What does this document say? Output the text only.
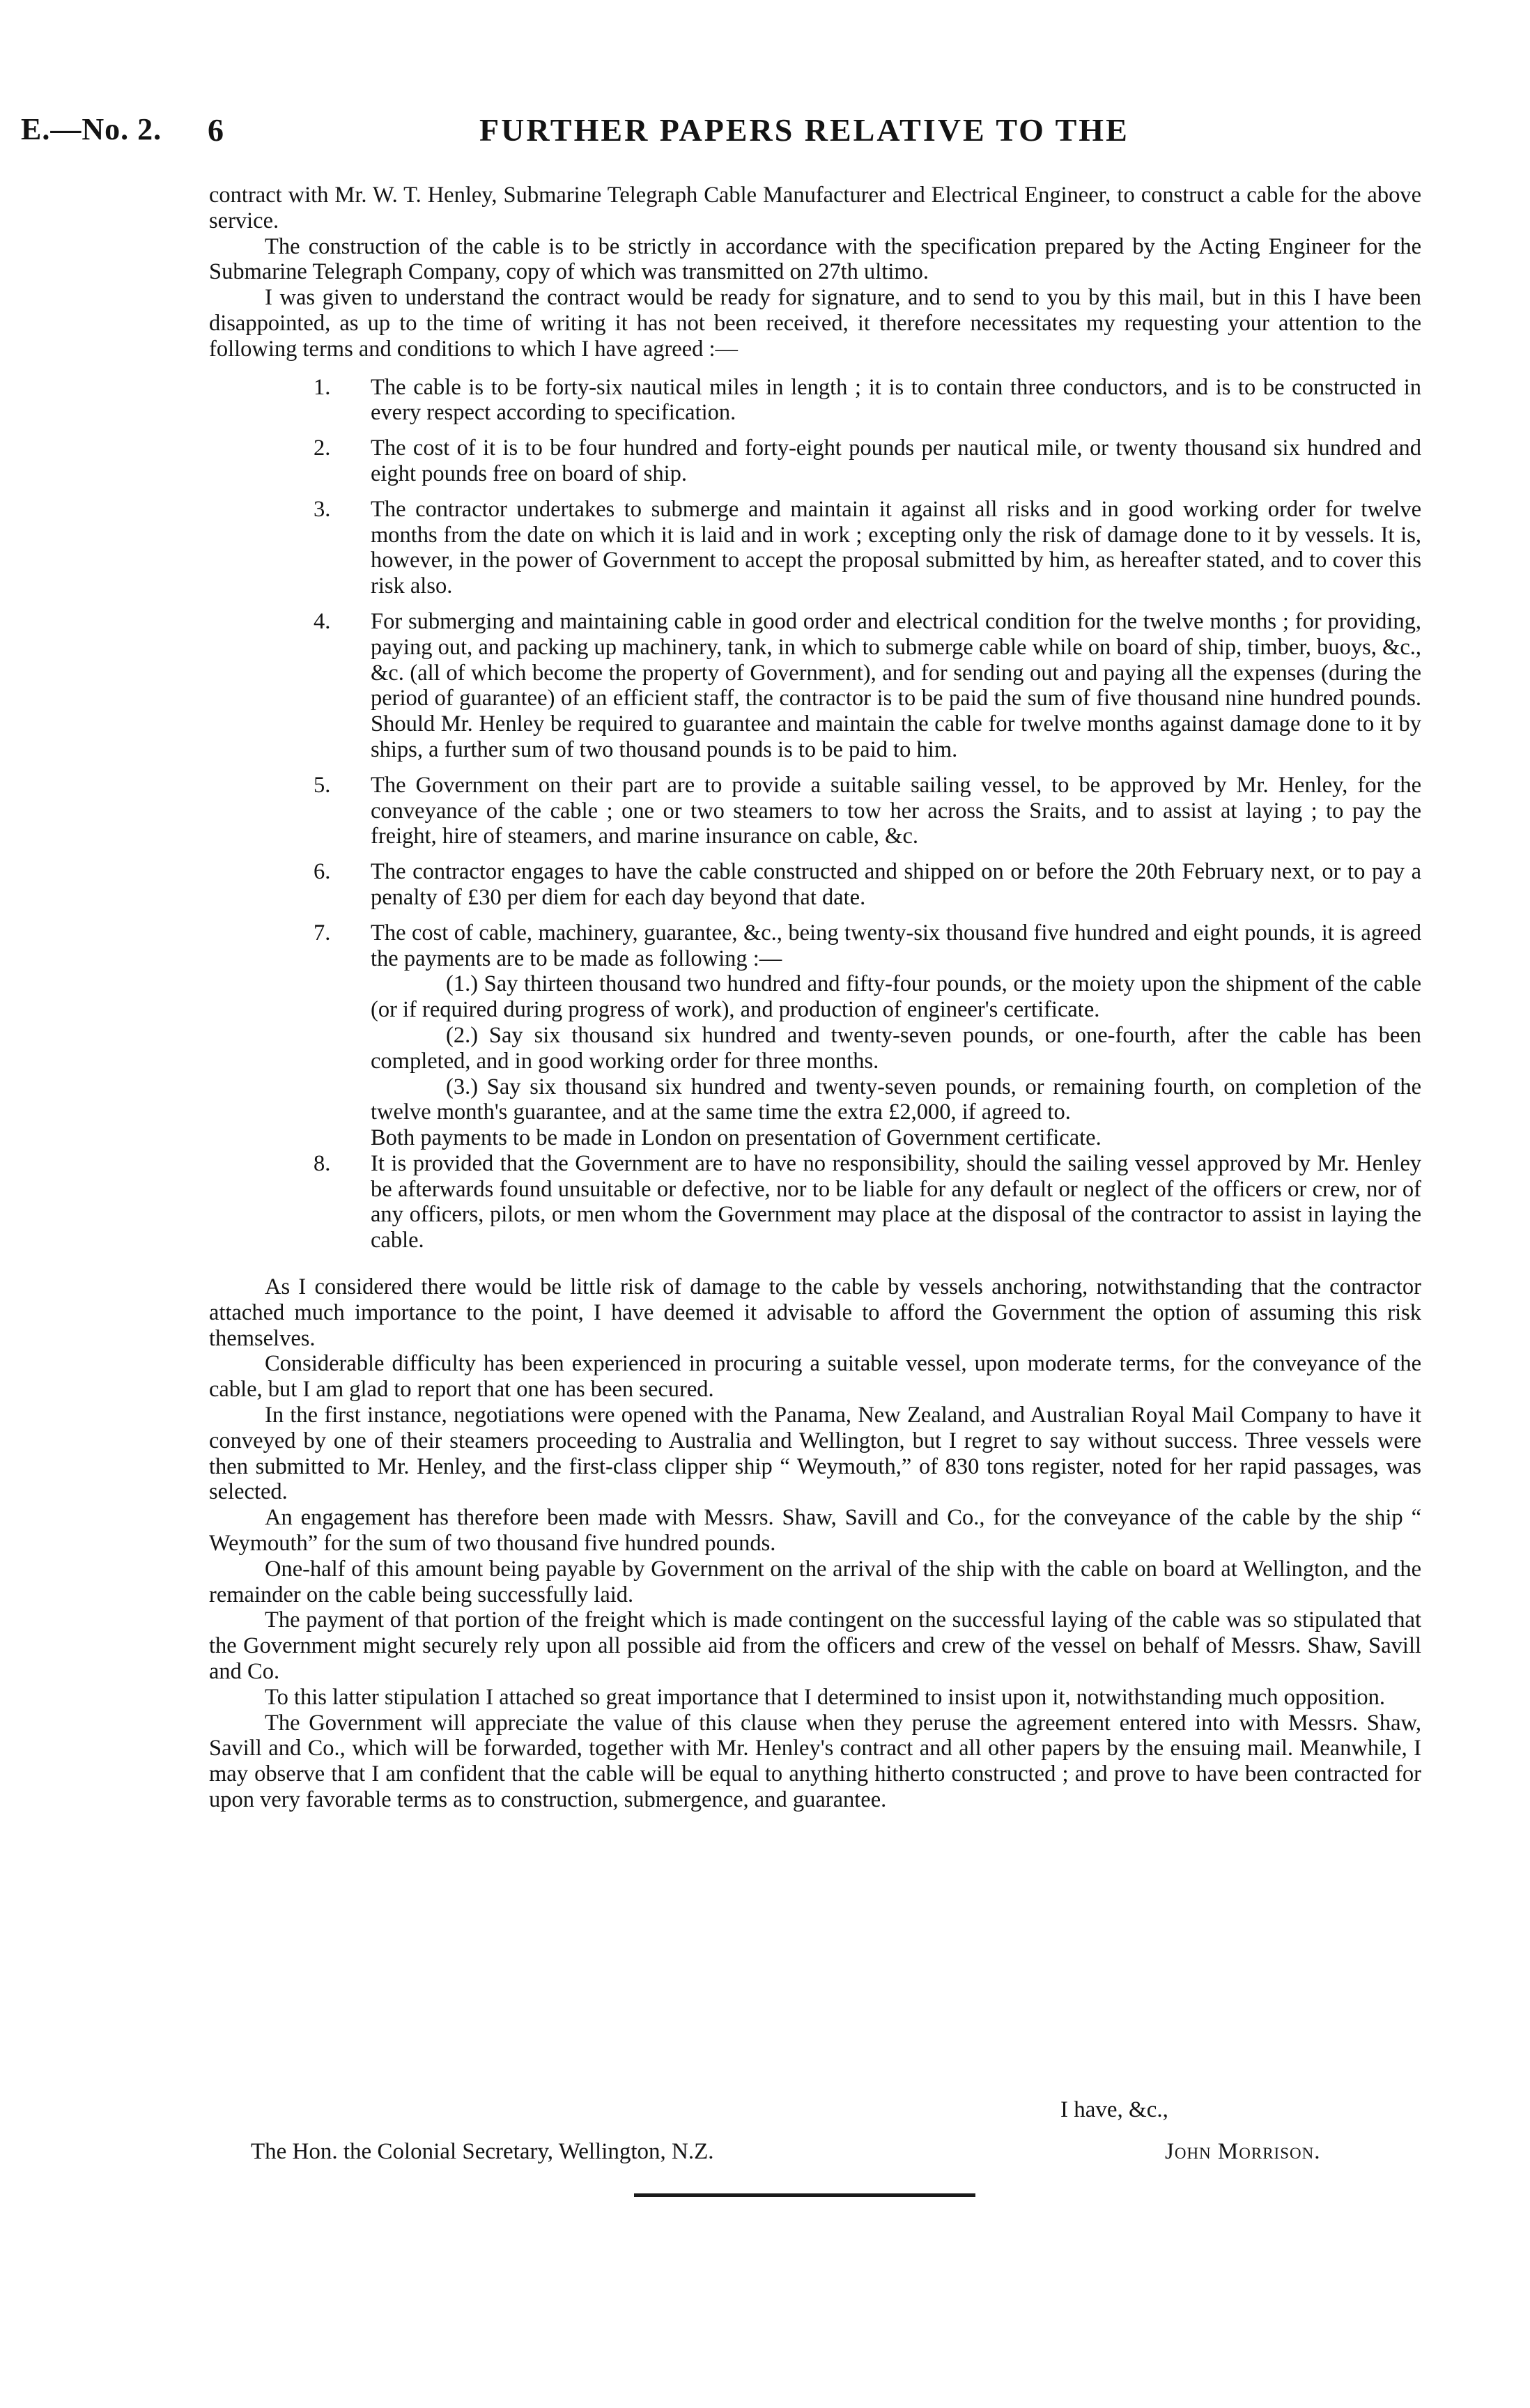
E.—No. 2. 6	FURTHER PAPERS RELATIVE TO THE

contract with Mr. W. T. Henley, Submarine Telegraph Cable Manufacturer and Electrical Engineer, to construct a cable for the above service.

The construction of the cable is to be strictly in accordance with the specification prepared by the Acting Engineer for the Submarine Telegraph Company, copy of which was transmitted on 27th ultimo.

I was given to understand the contract would be ready for signature, and to send to you by this mail, but in this I have been disappointed, as up to the time of writing it has not been received, it therefore necessitates my requesting your attention to the following terms and conditions to which I have agreed :—

1. The cable is to be forty-six nautical miles in length ; it is to contain three conductors, and is to be constructed in every respect according to specification.
2. The cost of it is to be four hundred and forty-eight pounds per nautical mile, or twenty thousand six hundred and eight pounds free on board of ship.
3. The contractor undertakes to submerge and maintain it against all risks and in good working order for twelve months from the date on which it is laid and in work ; excepting only the risk of damage done to it by vessels. It is, however, in the power of Government to accept the proposal submitted by him, as hereafter stated, and to cover this risk also.
4. For submerging and maintaining cable in good order and electrical condition for the twelve months ; for providing, paying out, and packing up machinery, tank, in which to submerge cable while on board of ship, timber, buoys, &c., &c. (all of which become the property of Government), and for sending out and paying all the expenses (during the period of guarantee) of an efficient staff, the contractor is to be paid the sum of five thousand nine hundred pounds. Should Mr. Henley be required to guarantee and maintain the cable for twelve months against damage done to it by ships, a further sum of two thousand pounds is to be paid to him.
5. The Government on their part are to provide a suitable sailing vessel, to be approved by Mr. Henley, for the conveyance of the cable ; one or two steamers to tow her across the Sraits, and to assist at laying ; to pay the freight, hire of steamers, and marine insurance on cable, &c.
6. The contractor engages to have the cable constructed and shipped on or before the 20th February next, or to pay a penalty of £30 per diem for each day beyond that date.
7. The cost of cable, machinery, guarantee, &c., being twenty-six thousand five hundred and eight pounds, it is agreed the payments are to be made as following :—

(1.) Say thirteen thousand two hundred and fifty-four pounds, or the moiety upon the shipment of the cable (or if required during progress of work), and production of engineer's certificate.

(2.) Say six thousand six hundred and twenty-seven pounds, or one-fourth, after the cable has been completed, and in good working order for three months.

(3.) Say six thousand six hundred and twenty-seven pounds, or remaining fourth, on completion of the twelve month's guarantee, and at the same time the extra £2,000, if agreed to.

Both payments to be made in London on presentation of Government certificate.

8. It is provided that the Government are to have no responsibility, should the sailing vessel approved by Mr. Henley be afterwards found unsuitable or defective, nor to be liable for any default or neglect of the officers or crew, nor of any officers, pilots, or men whom the Government may place at the disposal of the contractor to assist in laying the cable.

As I considered there would be little risk of damage to the cable by vessels anchoring, notwithstanding that the contractor attached much importance to the point, I have deemed it advisable to afford the Government the option of assuming this risk themselves.

Considerable difficulty has been experienced in procuring a suitable vessel, upon moderate terms, for the conveyance of the cable, but I am glad to report that one has been secured.

In the first instance, negotiations were opened with the Panama, New Zealand, and Australian Royal Mail Company to have it conveyed by one of their steamers proceeding to Australia and Wellington, but I regret to say without success. Three vessels were then submitted to Mr. Henley, and the first-class clipper ship “ Weymouth,” of 830 tons register, noted for her rapid passages, was selected.

An engagement has therefore been made with Messrs. Shaw, Savill and Co., for the conveyance of the cable by the ship “ Weymouth” for the sum of two thousand five hundred pounds.

One-half of this amount being payable by Government on the arrival of the ship with the cable on board at Wellington, and the remainder on the cable being successfully laid.

The payment of that portion of the freight which is made contingent on the successful laying of the cable was so stipulated that the Government might securely rely upon all possible aid from the officers and crew of the vessel on behalf of Messrs. Shaw, Savill and Co.

To this latter stipulation I attached so great importance that I determined to insist upon it, notwithstanding much opposition.

The Government will appreciate the value of this clause when they peruse the agreement entered into with Messrs. Shaw, Savill and Co., which will be forwarded, together with Mr. Henley's contract and all other papers by the ensuing mail. Meanwhile, I may observe that I am confident that the cable will be equal to anything hitherto constructed ; and prove to have been contracted for upon very favorable terms as to construction, submergence, and guarantee.

I have, &c.,
The Hon. the Colonial Secretary, Wellington, N.Z.	John Morrison.
